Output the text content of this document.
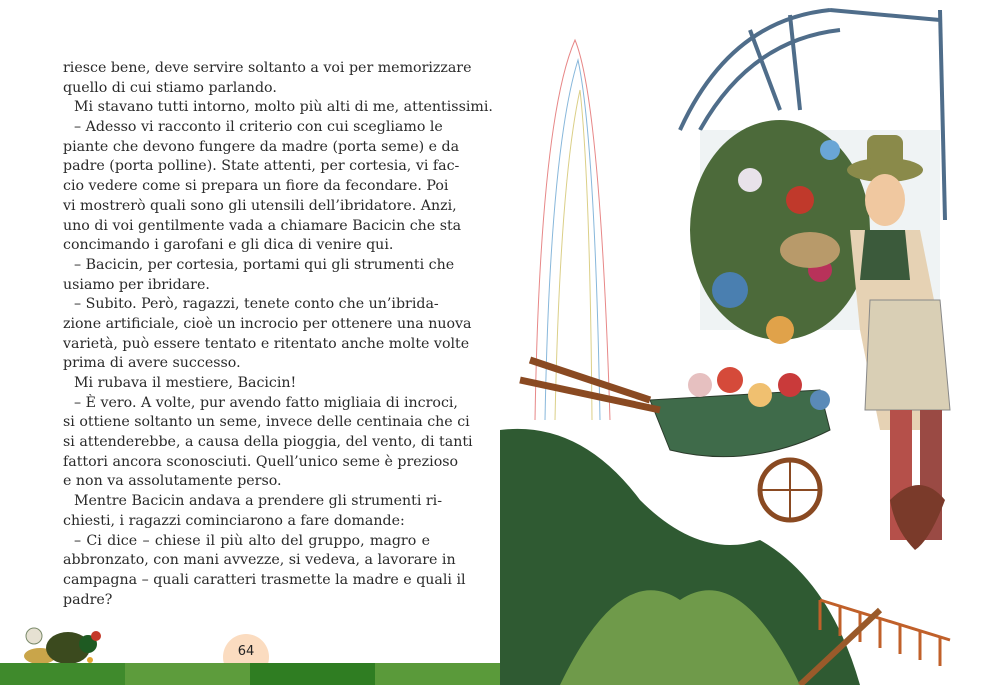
riesce bene, deve servire soltanto a voi per memorizzare
quello di cui stiamo parlando.
Mi stavano tutti intorno, molto più alti di me, attentissimi.
– Adesso vi racconto il criterio con cui scegliamo le
piante che devono fungere da madre (porta seme) e da
padre (porta polline). State attenti, per cortesia, vi fac-
cio vedere come si prepara un fiore da fecondare. Poi
vi mostrerò quali sono gli utensili dell’ibridatore. Anzi,
uno di voi gentilmente vada a chiamare Bacicin che sta
concimando i garofani e gli dica di venire qui.
– Bacicin, per cortesia, portami qui gli strumenti che
usiamo per ibridare.
– Subito. Però, ragazzi, tenete conto che un’ibrida-
zione artificiale, cioè un incrocio per ottenere una nuova
varietà, può essere tentato e ritentato anche molte volte
prima di avere successo.
Mi rubava il mestiere, Bacicin!
– È vero. A volte, pur avendo fatto migliaia di incroci,
si ottiene soltanto un seme, invece delle centinaia che ci
si attenderebbe, a causa della pioggia, del vento, di tanti
fattori ancora sconosciuti. Quell’unico seme è prezioso
e non va assolutamente perso.
Mentre Bacicin andava a prendere gli strumenti ri-
chiesti, i ragazzi cominciarono a fare domande:
– Ci dice – chiese il più alto del gruppo, magro e
abbronzato, con mani avvezze, si vedeva, a lavorare in
campagna – quali caratteri trasmette la madre e quali il
padre?
64
